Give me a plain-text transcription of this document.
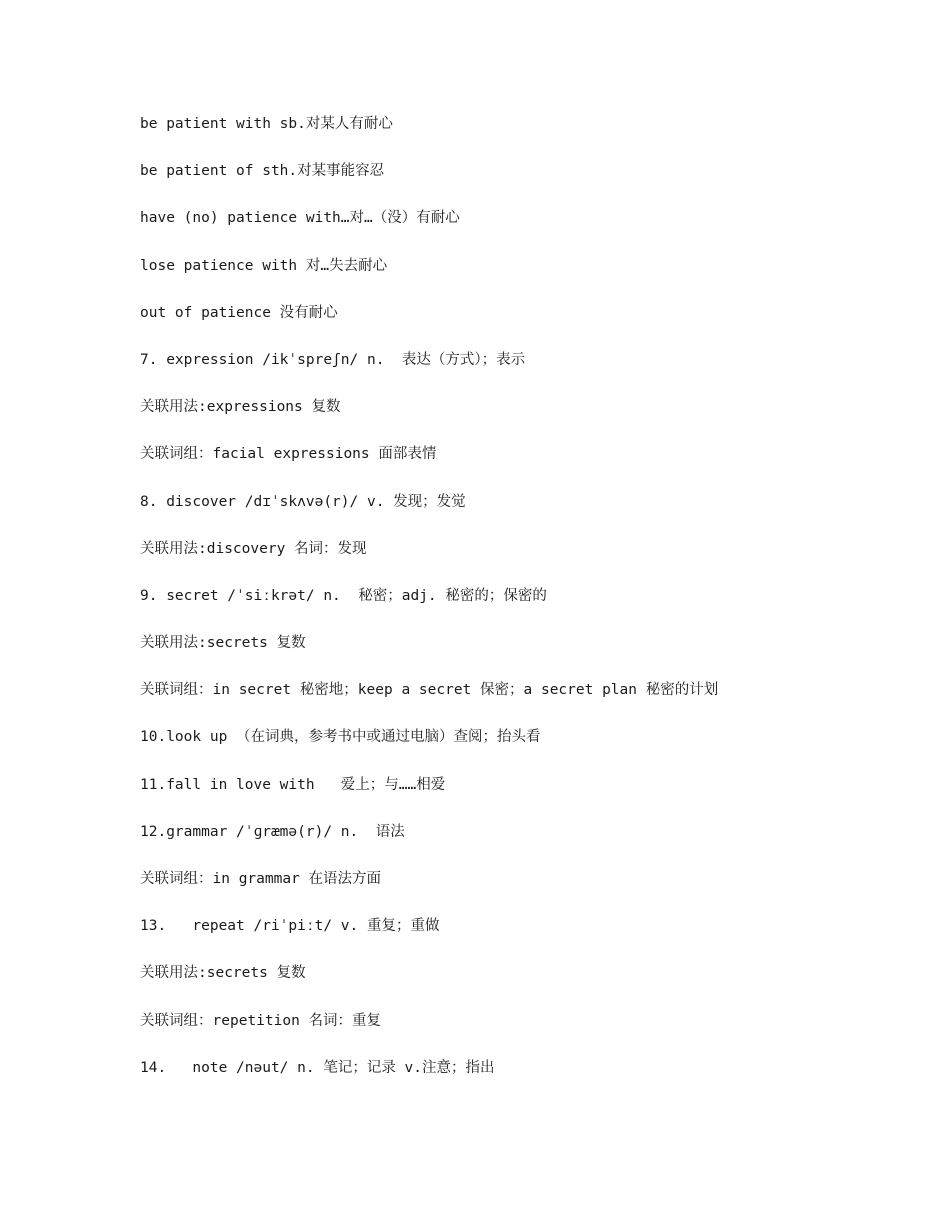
be patient with sb.对某人有耐心
be patient of sth.对某事能容忍
have (no) patience with…对…（没）有耐心
lose patience with 对…失去耐心
out of patience 没有耐心
7. expression /ikˈspreʃn/ n.  表达（方式）；表示
关联用法:expressions 复数
关联词组：facial expressions 面部表情
8. discover /dɪˈskʌvə(r)/ v. 发现；发觉
关联用法:discovery 名词：发现
9. secret /ˈsiːkrət/ n.  秘密；adj. 秘密的；保密的
关联用法:secrets 复数
关联词组：in secret 秘密地；keep a secret 保密；a secret plan 秘密的计划
10.look up （在词典，参考书中或通过电脑）查阅；抬头看
11.fall in love with   爱上；与……相爱
12.grammar /ˈɡræmə(r)/ n.  语法
关联词组：in grammar 在语法方面
13.   repeat /riˈpiːt/ v. 重复；重做
关联用法:secrets 复数
关联词组：repetition 名词：重复
14.   note /nəut/ n. 笔记；记录 v.注意；指出
